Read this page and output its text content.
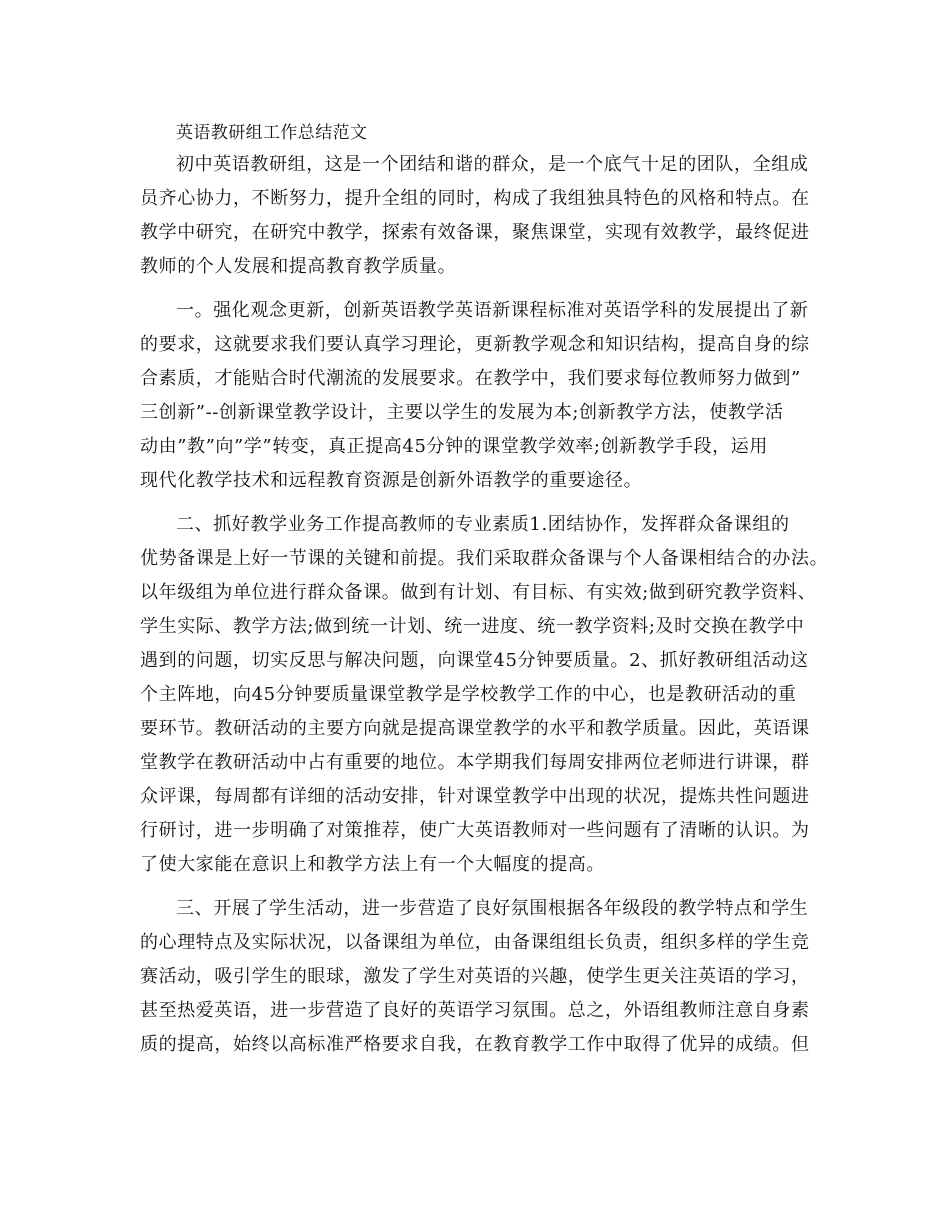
英语教研组工作总结范文
初中英语教研组，这是一个团结和谐的群众，是一个底气十足的团队，全组成
员齐心协力，不断努力，提升全组的同时，构成了我组独具特色的风格和特点。在
教学中研究，在研究中教学，探索有效备课，聚焦课堂，实现有效教学，最终促进
教师的个人发展和提高教育教学质量。
一。强化观念更新，创新英语教学英语新课程标准对英语学科的发展提出了新
的要求，这就要求我们要认真学习理论，更新教学观念和知识结构，提高自身的综
合素质，才能贴合时代潮流的发展要求。在教学中，我们要求每位教师努力做到”
三创新”--创新课堂教学设计，主要以学生的发展为本;创新教学方法，使教学活
动由”教”向”学”转变，真正提高45分钟的课堂教学效率;创新教学手段，运用
现代化教学技术和远程教育资源是创新外语教学的重要途径。
二、抓好教学业务工作提高教师的专业素质1.团结协作，发挥群众备课组的
优势备课是上好一节课的关键和前提。我们采取群众备课与个人备课相结合的办法。
以年级组为单位进行群众备课。做到有计划、有目标、有实效;做到研究教学资料、
学生实际、教学方法;做到统一计划、统一进度、统一教学资料;及时交换在教学中
遇到的问题，切实反思与解决问题，向课堂45分钟要质量。2、抓好教研组活动这
个主阵地，向45分钟要质量课堂教学是学校教学工作的中心，也是教研活动的重
要环节。教研活动的主要方向就是提高课堂教学的水平和教学质量。因此，英语课
堂教学在教研活动中占有重要的地位。本学期我们每周安排两位老师进行讲课，群
众评课，每周都有详细的活动安排，针对课堂教学中出现的状况，提炼共性问题进
行研讨，进一步明确了对策推荐，使广大英语教师对一些问题有了清晰的认识。为
了使大家能在意识上和教学方法上有一个大幅度的提高。
三、开展了学生活动，进一步营造了良好氛围根据各年级段的教学特点和学生
的心理特点及实际状况，以备课组为单位，由备课组组长负责，组织多样的学生竞
赛活动，吸引学生的眼球，激发了学生对英语的兴趣，使学生更关注英语的学习，
甚至热爱英语，进一步营造了良好的英语学习氛围。总之，外语组教师注意自身素
质的提高，始终以高标准严格要求自我，在教育教学工作中取得了优异的成绩。但
